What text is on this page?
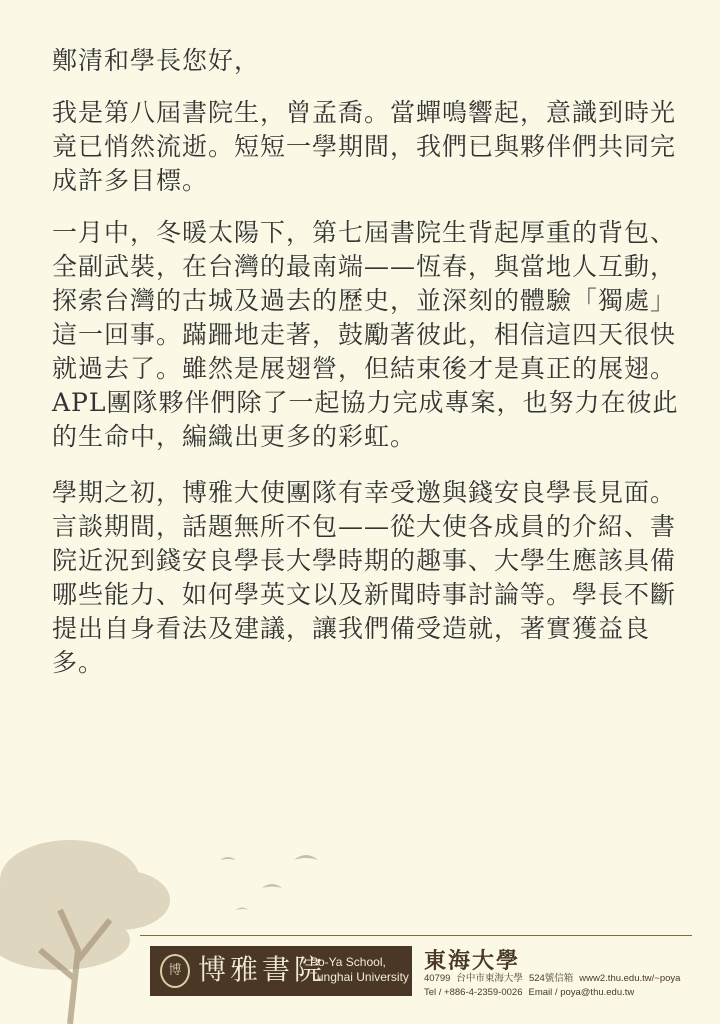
鄭清和學長您好，

我是第八屆書院生，曾孟喬。當蟬鳴響起，意識到時光竟已悄然流逝。短短一學期間，我們已與夥伴們共同完成許多目標。

一月中，冬暖太陽下，第七屆書院生背起厚重的背包、全副武裝，在台灣的最南端——恆春，與當地人互動，探索台灣的古城及過去的歷史，並深刻的體驗「獨處」這一回事。蹣跚地走著，鼓勵著彼此，相信這四天很快就過去了。雖然是展翅營，但結束後才是真正的展翅。APL團隊夥伴們除了一起協力完成專案，也努力在彼此的生命中，編織出更多的彩虹。

學期之初，博雅大使團隊有幸受邀與錢安良學長見面。言談期間，話題無所不包——從大使各成員的介紹、書院近況到錢安良學長大學時期的趣事、大學生應該具備哪些能力、如何學英文以及新聞時事討論等。學長不斷提出自身看法及建議，讓我們備受造就，著實獲益良多。

博 博雅書院
Po-Ya School,
Tunghai University
東海大學
40799 台中市東海大學 524號信箱 www2.thu.edu.tw/~poya
Tel / +886-4-2359-0026 Email / poya@thu.edu.tw
